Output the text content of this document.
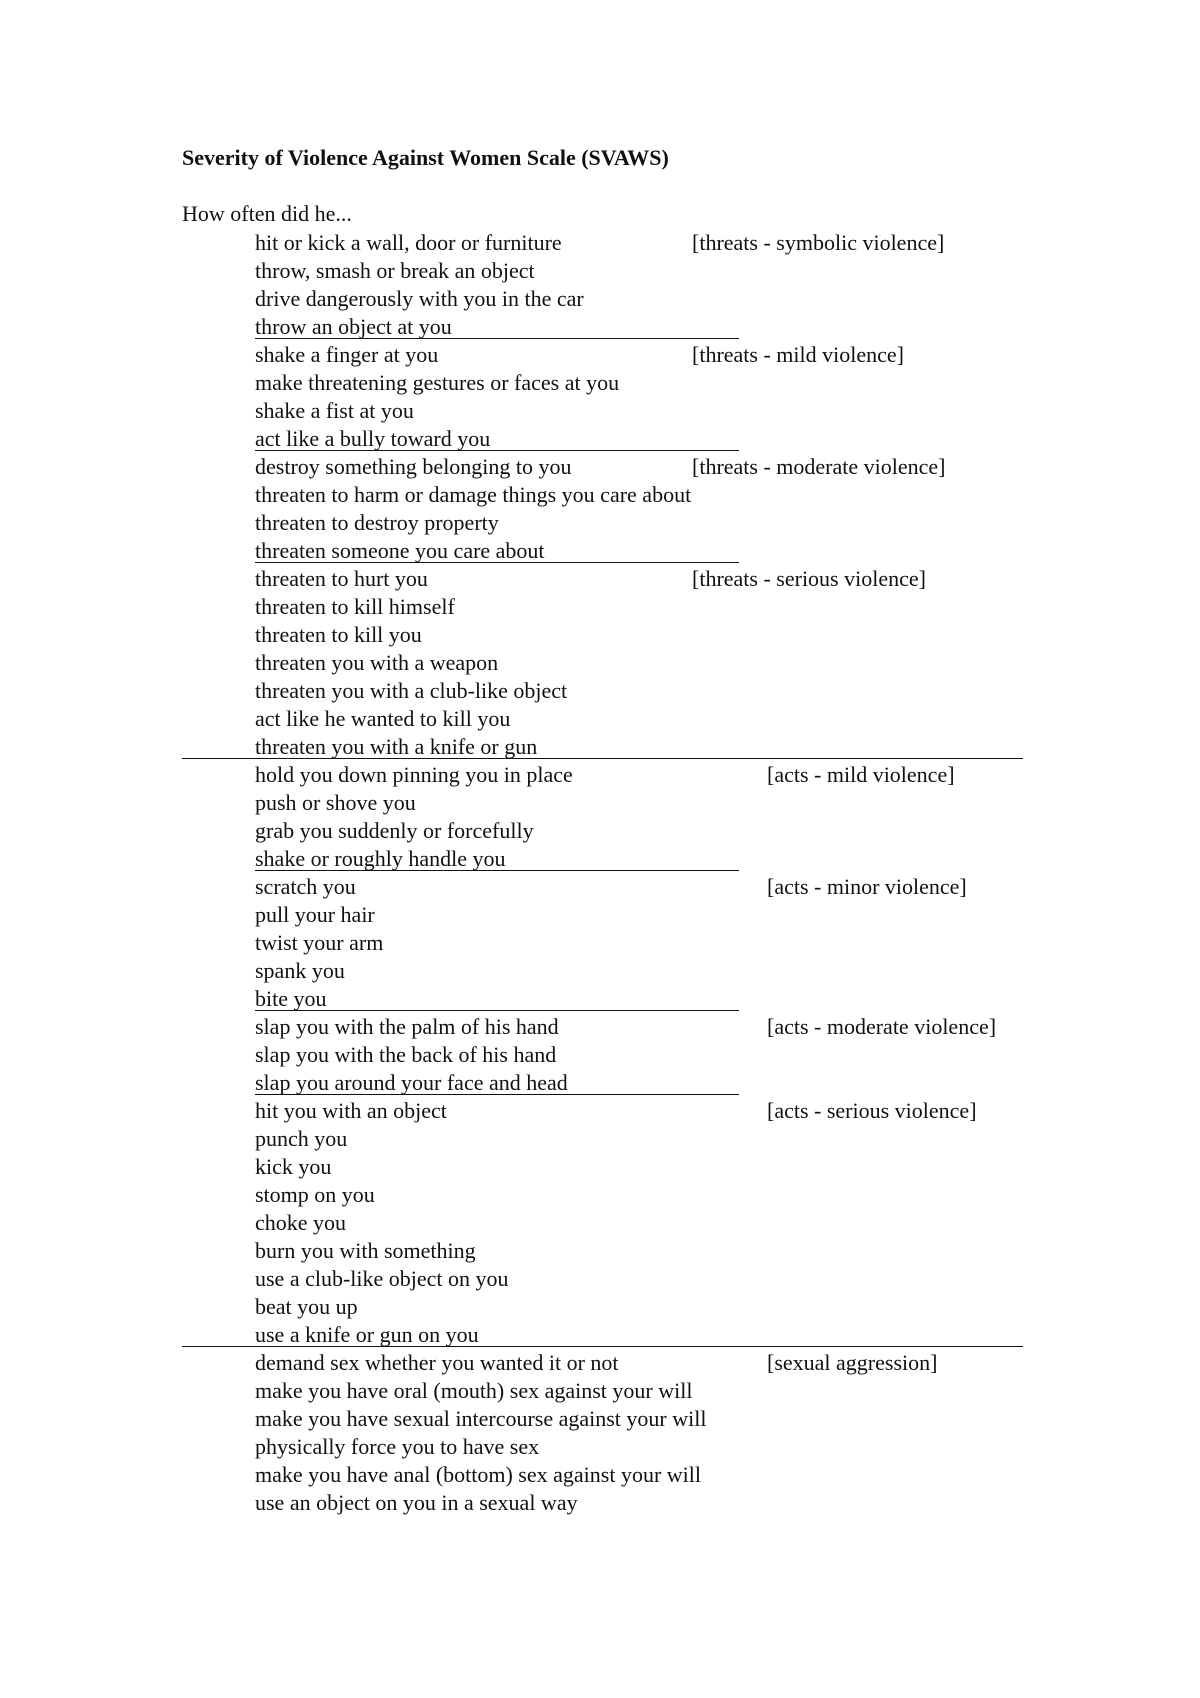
Severity of Violence Against Women Scale (SVAWS)
How often did he...
hit or kick a wall, door or furniture	[threats - symbolic violence]
throw, smash or break an object
drive dangerously with you in the car
throw an object at you
shake a finger at you	[threats - mild violence]
make threatening gestures or faces at you
shake a fist at you
act like a bully toward you
destroy something belonging to you	[threats - moderate violence]
threaten to harm or damage things you care about
threaten to destroy property
threaten someone you care about
threaten to hurt you	[threats - serious violence]
threaten to kill himself
threaten to kill you
threaten you with a weapon
threaten you with a club-like object
act like he wanted to kill you
threaten you with a knife or gun
hold you down pinning you in place	[acts - mild violence]
push or shove you
grab you suddenly or forcefully
shake or roughly handle you
scratch you	[acts - minor violence]
pull your hair
twist your arm
spank you
bite you
slap you with the palm of his hand	[acts - moderate violence]
slap you with the back of his hand
slap you around your face and head
hit you with an object	[acts - serious violence]
punch you
kick you
stomp on you
choke you
burn you with something
use a club-like object on you
beat you up
use a knife or gun on you
demand sex whether you wanted it or not	[sexual aggression]
make you have oral (mouth) sex against your will
make you have sexual intercourse against your will
physically force you to have sex
make you have anal (bottom) sex against your will
use an object on you in a sexual way
